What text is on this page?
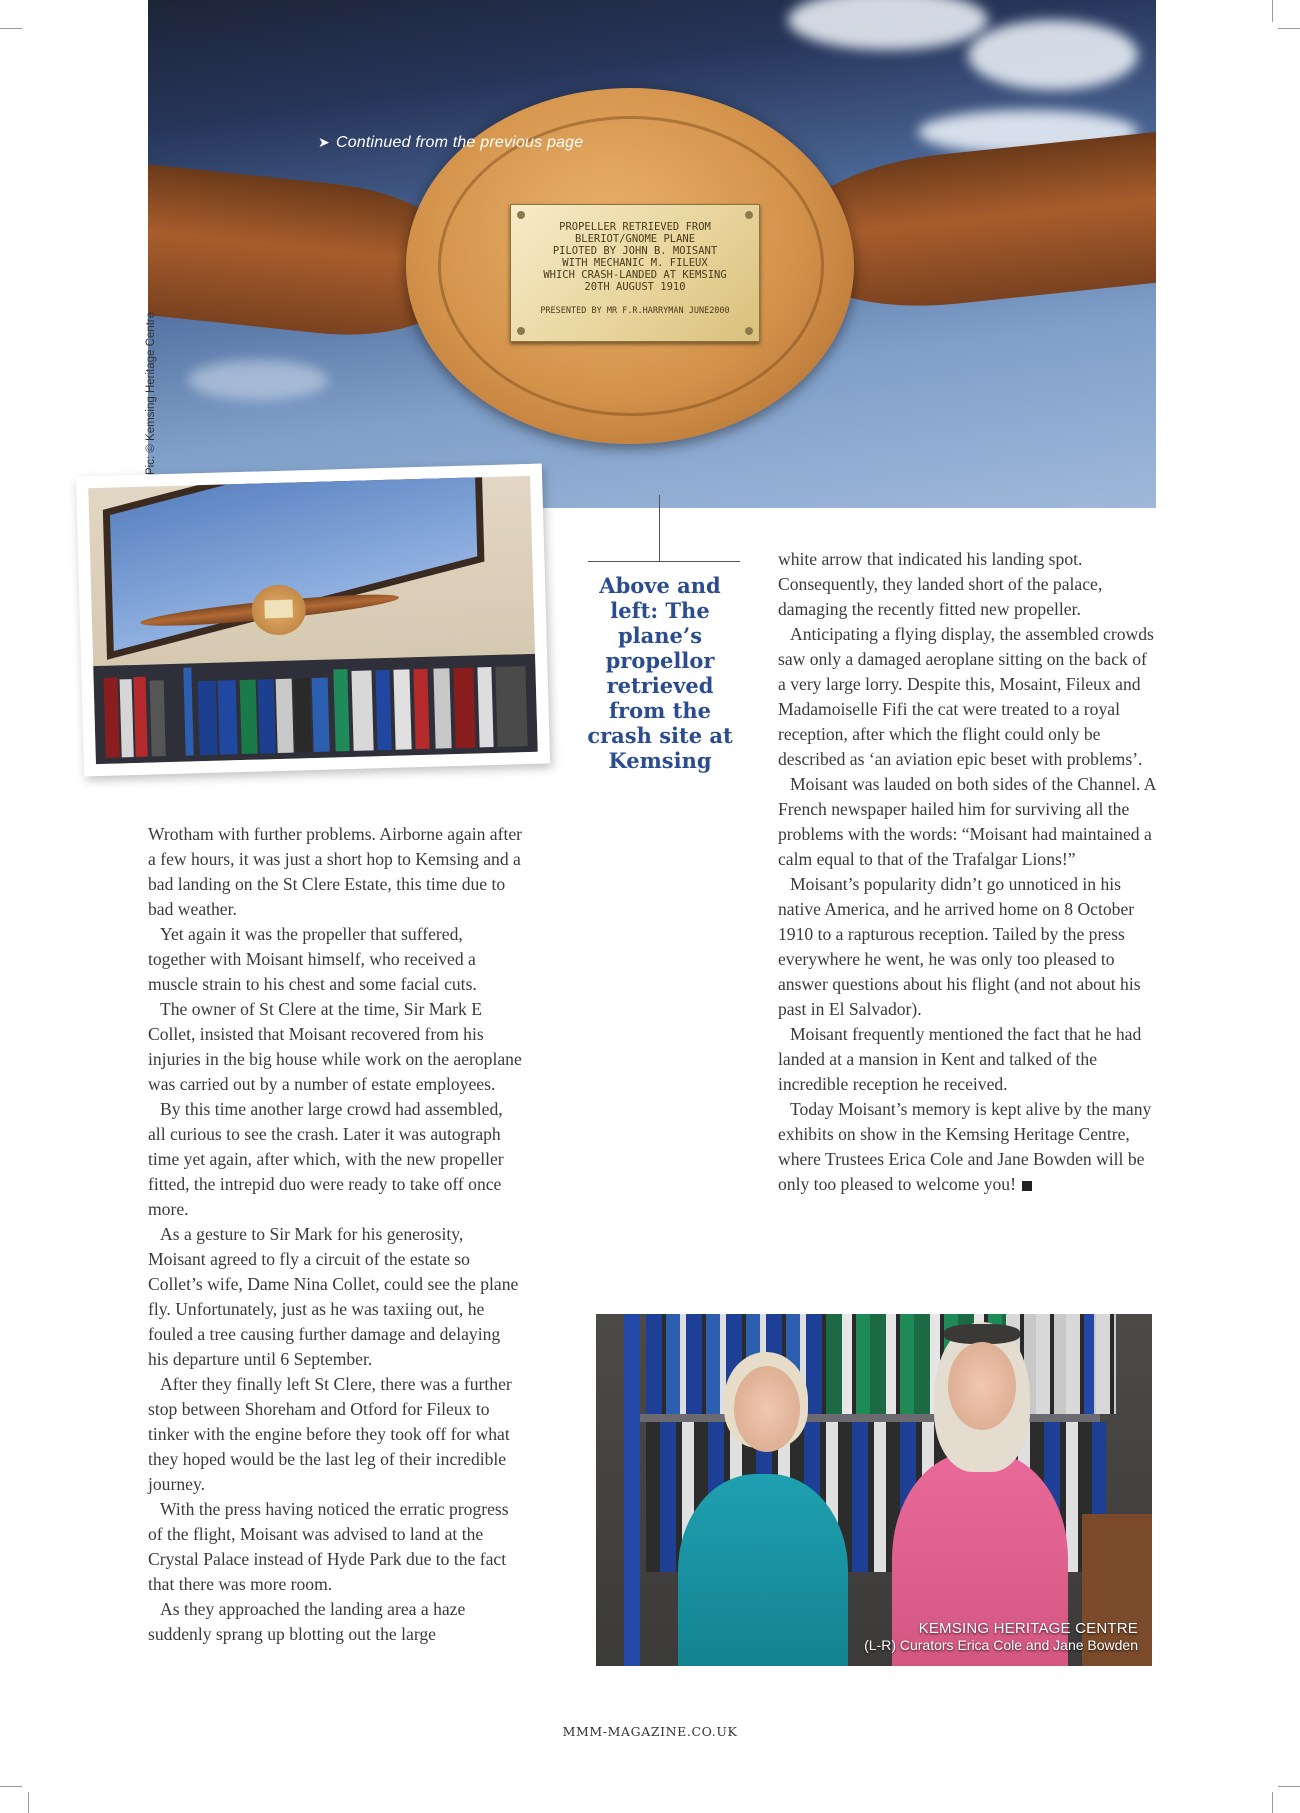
PROPELLER RETRIEVED FROM
BLERIOT/GNOME PLANE
PILOTED BY JOHN B. MOISANT
WITH MECHANIC M. FILEUX
WHICH CRASH-LANDED AT KEMSING
20TH AUGUST 1910
PRESENTED BY MR F.R.HARRYMAN JUNE2000
➤ Continued from the previous page
Pic: © Kemsing Heritage Centre
Above and left: The plane’s propellor retrieved from the crash site at Kemsing

Wrotham with further problems. Airborne again after a few hours, it was just a short hop to Kemsing and a bad landing on the St Clere Estate, this time due to bad weather.

Yet again it was the propeller that suffered, together with Moisant himself, who received a muscle strain to his chest and some facial cuts.

The owner of St Clere at the time, Sir Mark E Collet, insisted that Moisant recovered from his injuries in the big house while work on the aeroplane was carried out by a number of estate employees.

By this time another large crowd had assembled, all curious to see the crash. Later it was autograph time yet again, after which, with the new propeller fitted, the intrepid duo were ready to take off once more.

As a gesture to Sir Mark for his generosity, Moisant agreed to fly a circuit of the estate so Collet’s wife, Dame Nina Collet, could see the plane fly. Unfortunately, just as he was taxiing out, he fouled a tree causing further damage and delaying his departure until 6 September.

After they finally left St Clere, there was a further stop between Shoreham and Otford for Fileux to tinker with the engine before they took off for what they hoped would be the last leg of their incredible journey.

With the press having noticed the erratic progress of the flight, Moisant was advised to land at the Crystal Palace instead of Hyde Park due to the fact that there was more room.

As they approached the landing area a haze suddenly sprang up blotting out the large

white arrow that indicated his landing spot. Consequently, they landed short of the palace, damaging the recently fitted new propeller.

Anticipating a flying display, the assembled crowds saw only a damaged aeroplane sitting on the back of a very large lorry. Despite this, Mosaint, Fileux and Madamoiselle Fifi the cat were treated to a royal reception, after which the flight could only be described as ‘an aviation epic beset with problems’.

Moisant was lauded on both sides of the Channel. A French newspaper hailed him for surviving all the problems with the words: “Moisant had maintained a calm equal to that of the Trafalgar Lions!”

Moisant’s popularity didn’t go unnoticed in his native America, and he arrived home on 8 October 1910 to a rapturous reception. Tailed by the press everywhere he went, he was only too pleased to answer questions about his flight (and not about his past in El Salvador).

Moisant frequently mentioned the fact that he had landed at a mansion in Kent and talked of the incredible reception he received.

Today Moisant’s memory is kept alive by the many exhibits on show in the Kemsing Heritage Centre, where Trustees Erica Cole and Jane Bowden will be only too pleased to welcome you!

KEMSING HERITAGE CENTRE
(L-R) Curators Erica Cole and Jane Bowden
MMM-MAGAZINE.CO.UK
